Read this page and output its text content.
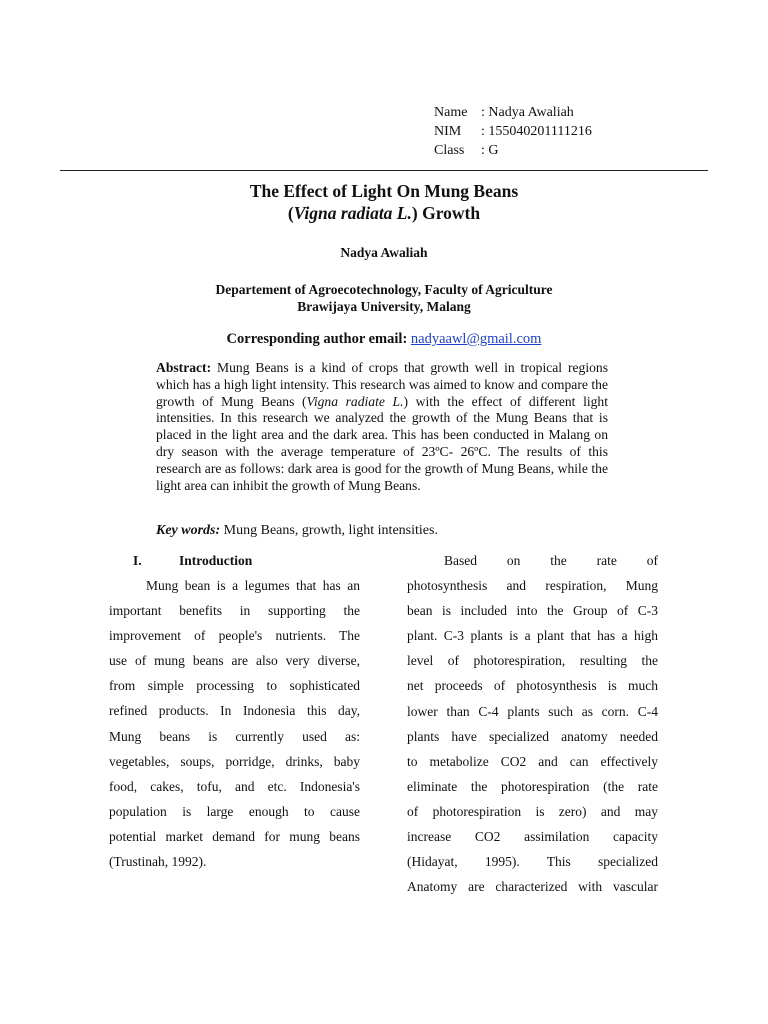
Name : Nadya Awaliah
NIM : 155040201111216
Class : G
The Effect of Light On Mung Beans
(Vigna radiata L.) Growth
Nadya Awaliah
Departement of Agroecotechnology, Faculty of Agriculture
Brawijaya University, Malang
Corresponding author email: nadyaawl@gmail.com
Abstract: Mung Beans is a kind of crops that growth well in tropical regions which has a high light intensity. This research was aimed to know and compare the growth of Mung Beans (Vigna radiate L.) with the effect of different light intensities. In this research we analyzed the growth of the Mung Beans that is placed in the light area and the dark area. This has been conducted in Malang on dry season with the average temperature of 23ºC- 26ºC. The results of this research are as follows: dark area is good for the growth of Mung Beans, while the light area can inhibit the growth of Mung Beans.
Key words: Mung Beans, growth, light intensities.
I.	Introduction
Mung bean is a legumes that has an
important benefits in supporting the
improvement of people's nutrients. The
use of mung beans are also very diverse,
from simple processing to sophisticated
refined products. In Indonesia this day,
Mung beans is currently used as:
vegetables, soups, porridge, drinks, baby
food, cakes, tofu, and etc. Indonesia's
population is large enough to cause
potential market demand for mung beans
(Trustinah, 1992).
Based on the rate of
photosynthesis and respiration, Mung
bean is included into the Group of C-3
plant. C-3 plants is a plant that has a high
level of photorespiration, resulting the
net proceeds of photosynthesis is much
lower than C-4 plants such as corn. C-4
plants have specialized anatomy needed
to metabolize CO2 and can effectively
eliminate the photorespiration (the rate
of photorespiration is zero) and may
increase CO2 assimilation capacity
(Hidayat, 1995). This specialized
Anatomy are characterized with vascular
